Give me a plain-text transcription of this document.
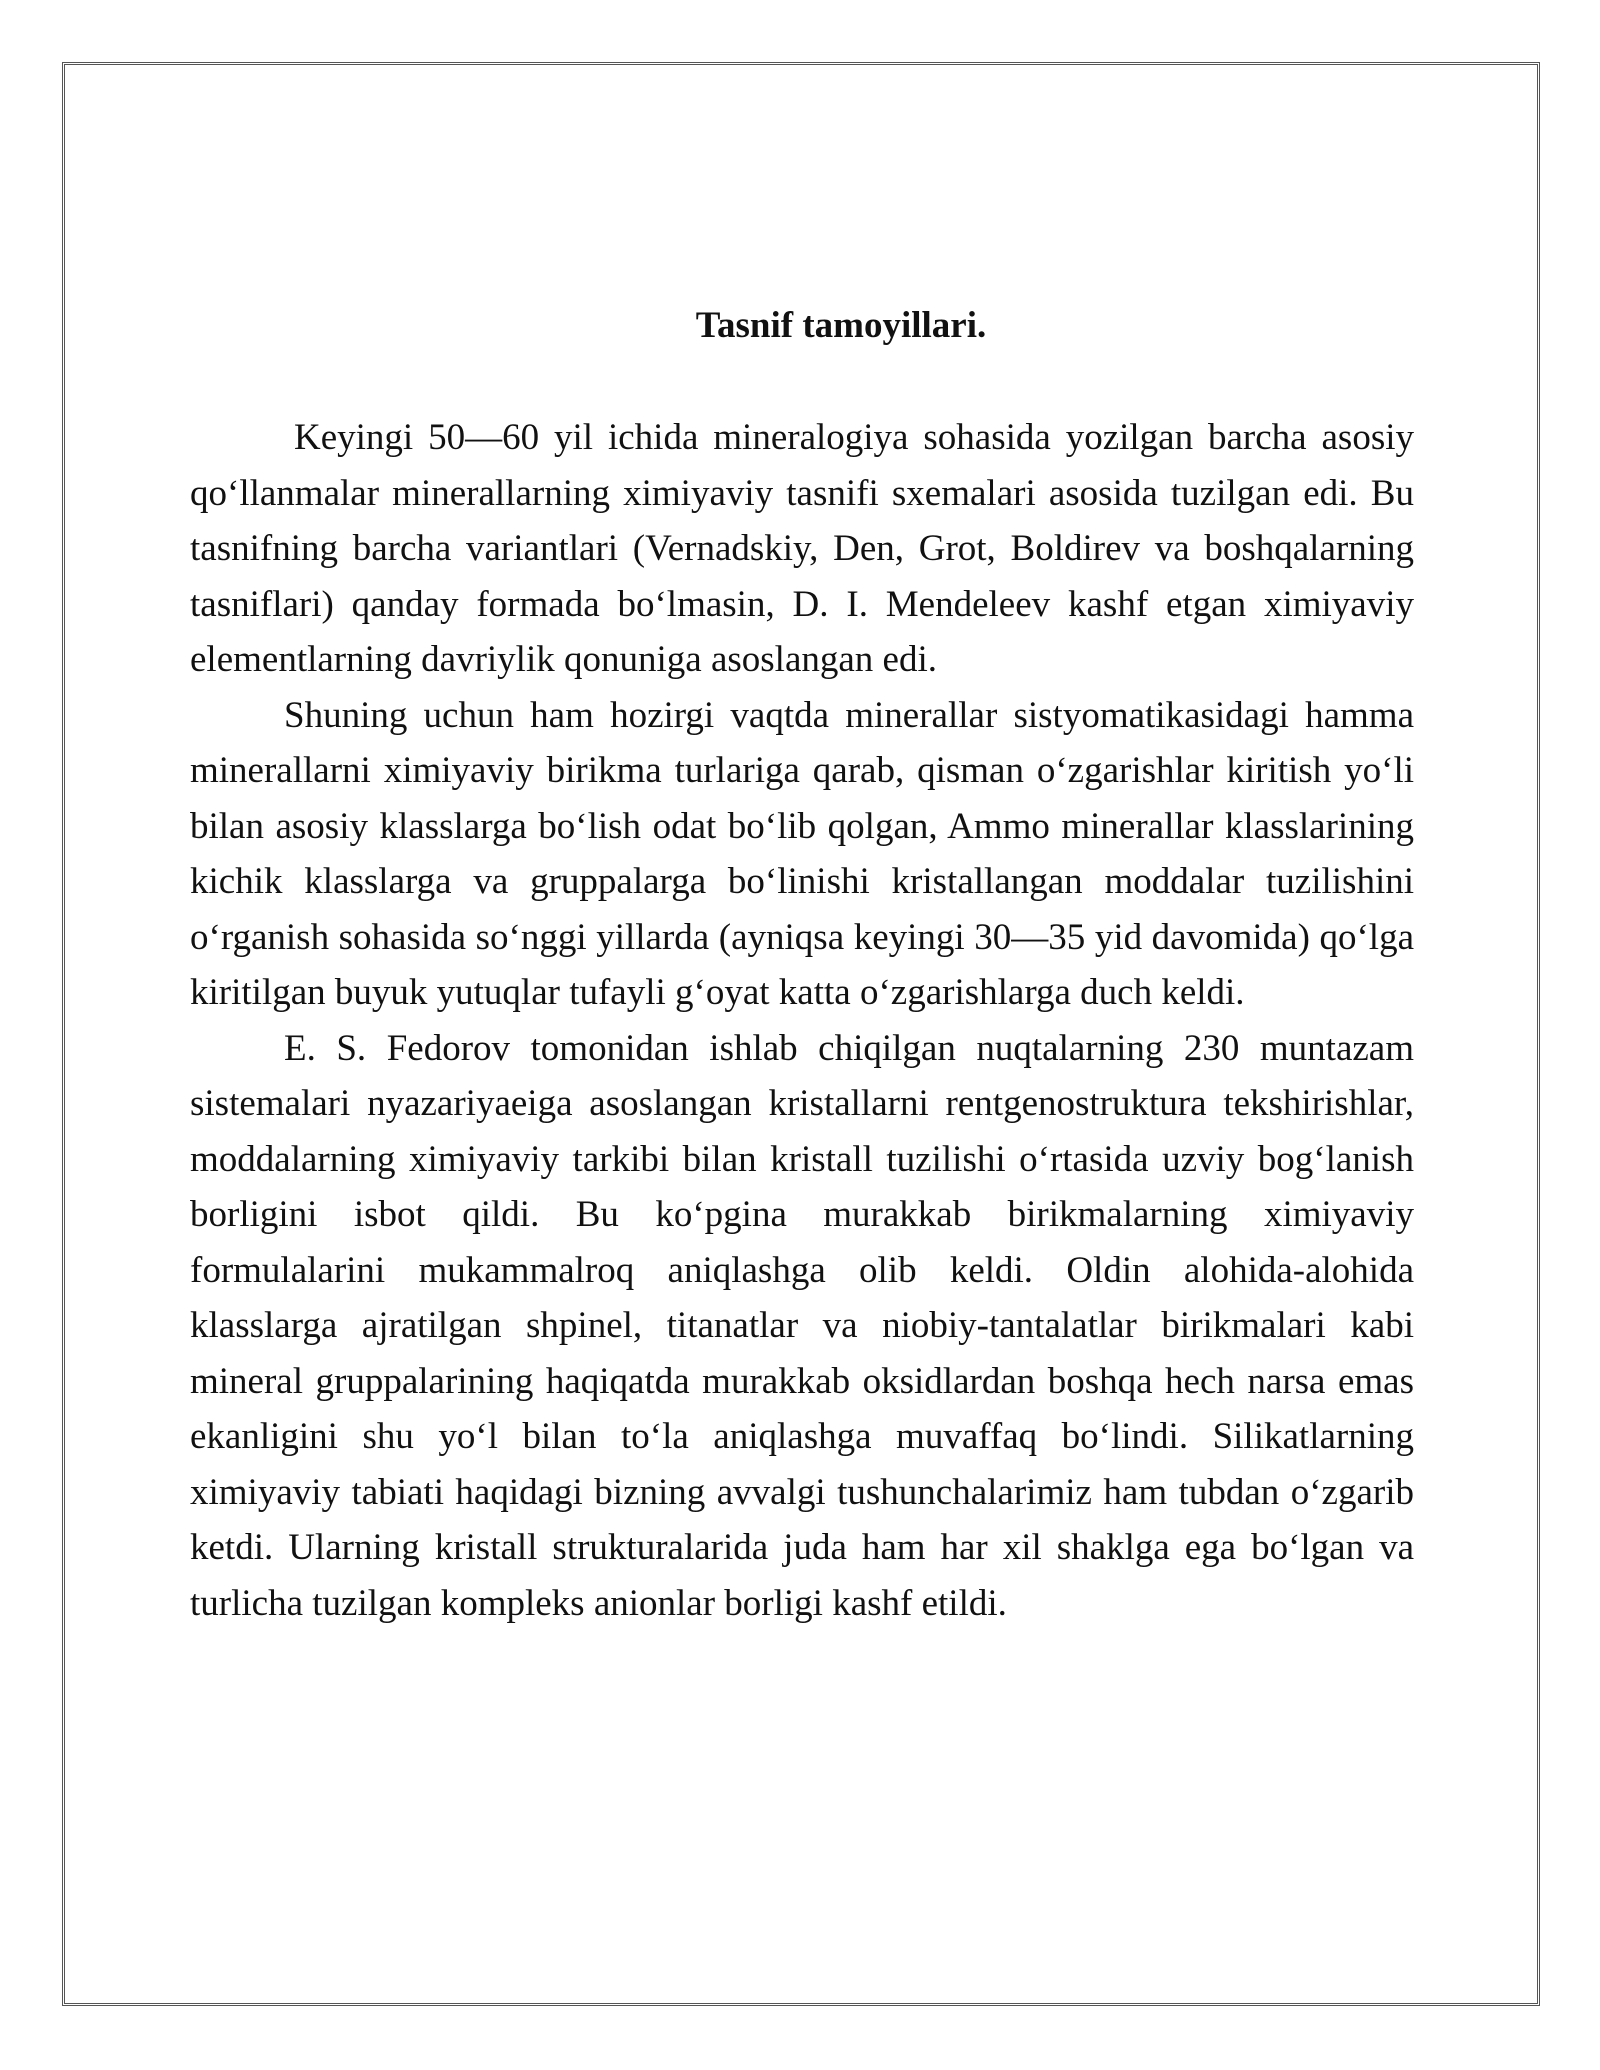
Tasnif tamoyillari.

Keyingi 50—60 yil ichida mineralogiya sohasida yozilgan barcha asosiy qo‘llanmalar minerallarning ximiyaviy tasnifi sxemalari asosida tuzilgan edi. Bu tasnifning barcha variantlari (Vernadskiy, Den, Grot, Boldirev va boshqalarning tasniflari) qanday formada bo‘lmasin, D. I. Mendeleev kashf etgan ximiyaviy elementlarning davriylik qonuniga asoslangan edi.

Shuning uchun ham hozirgi vaqtda minerallar sistyomatikasidagi hamma minerallarni ximiyaviy birikma turlariga qarab, qisman o‘zgarishlar kiritish yo‘li bilan asosiy klasslarga bo‘lish odat bo‘lib qolgan, Ammo minerallar klasslarining kichik klasslarga va gruppalarga bo‘linishi kristallangan moddalar tuzilishini o‘rganish sohasida so‘nggi yillarda (ayniqsa keyingi 30—35 yid davomida) qo‘lga kiritilgan buyuk yutuqlar tufayli g‘oyat katta o‘zgarishlarga duch keldi.

E. S. Fedorov tomonidan ishlab chiqilgan nuqtalarning 230 muntazam sistemalari nyazariyaeiga asoslangan kristallarni rentgenostruktura tekshirishlar, moddalarning ximiyaviy tarkibi bilan kristall tuzilishi o‘rtasida uzviy bog‘lanish borligini isbot qildi. Bu ko‘pgina murakkab birikmalarning ximiyaviy formulalarini mukammalroq aniqlashga olib keldi. Oldin alohida-alohida klasslarga ajratilgan shpinel, titanatlar va niobiy-tantalatlar birikmalari kabi mineral gruppalarining haqiqatda murakkab oksidlardan boshqa hech narsa emas ekanligini shu yo‘l bilan to‘la aniqlashga muvaffaq bo‘lindi. Silikatlarning ximiyaviy tabiati haqidagi bizning avvalgi tushunchalarimiz ham tubdan o‘zgarib ketdi. Ularning kristall strukturalarida juda ham har xil shaklga ega bo‘lgan va turlicha tuzilgan kompleks anionlar borligi kashf etildi.
